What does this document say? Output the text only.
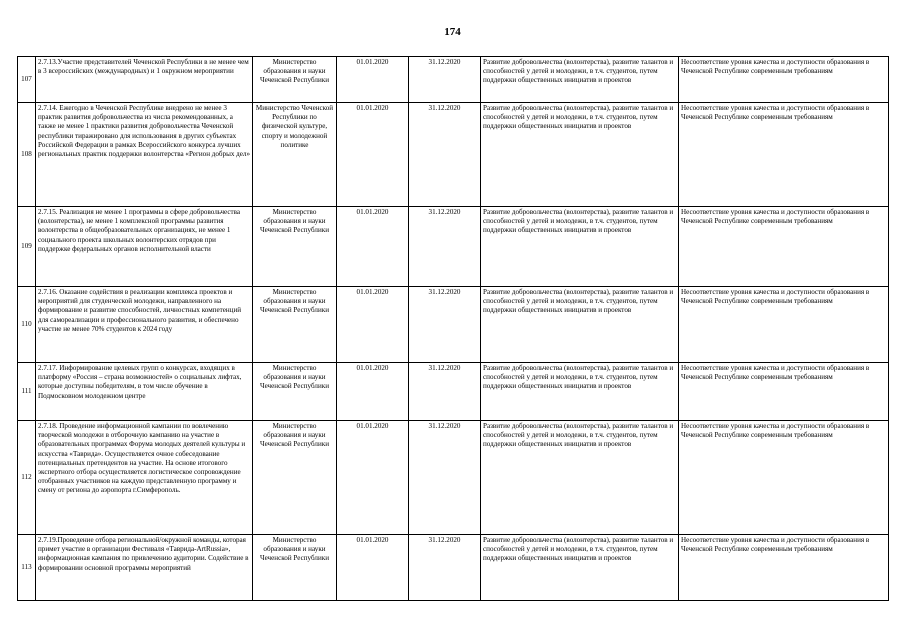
174
107	2.7.13.Участие представителей Чеченской Республики в не менее чем в 3 всероссийских (международных) и 1 окружном мероприятии	Министерство образования и науки Чеченской Республики	01.01.2020	31.12.2020	Развитие добровольчества (волонтерства), развитие талантов и способностей у детей и молодежи, в т.ч. студентов, путем поддержки общественных инициатив и проектов	Несоответствие уровня качества и доступности образования в Чеченской Республике современным требованиям
108	2.7.14. Ежегодно в Чеченской Республике внедрено не менее 3 практик развития добровольчества из числа рекомендованных, а также не менее 1 практики развития добровольчества Чеченской республики тиражировано для использования в других субъектах Российской Федерации в рамках Всероссийского конкурса лучших региональных практик поддержки волонтерства «Регион добрых дел»	Министерство Чеченской Республики по физической культуре, спорту и молодежной политике	01.01.2020	31.12.2020	Развитие добровольчества (волонтерства), развитие талантов и способностей у детей и молодежи, в т.ч. студентов, путем поддержки общественных инициатив и проектов	Несоответствие уровня качества и доступности образования в Чеченской Республике современным требованиям
109	2.7.15. Реализация не менее 1 программы в сфере добровольчества (волонтерства), не менее 1 комплексной программы развития волонтерства в общеобразовательных организациях, не менее 1 социального проекта школьных волонтерских отрядов при поддержке федеральных органов исполнительной власти	Министерство образования и науки Чеченской Республики	01.01.2020	31.12.2020	Развитие добровольчества (волонтерства), развитие талантов и способностей у детей и молодежи, в т.ч. студентов, путем поддержки общественных инициатив и проектов	Несоответствие уровня качества и доступности образования в Чеченской Республике современным требованиям
110	2.7.16. Оказание содействия в реализации комплекса проектов и мероприятий для студенческой молодежи, направленного на формирование и развитие способностей, личностных компетенций для самореализации и профессионального развития, и обеспечено участие не менее 70% студентов к 2024 году	Министерство образования и науки Чеченской Республики	01.01.2020	31.12.2020	Развитие добровольчества (волонтерства), развитие талантов и способностей у детей и молодежи, в т.ч. студентов, путем поддержки общественных инициатив и проектов	Несоответствие уровня качества и доступности образования в Чеченской Республике современным требованиям
111	2.7.17. Информирование целевых групп о конкурсах, входящих в платформу «Россия – страна возможностей» о социальных лифтах, которые доступны победителям, в том числе обучение в Подмосковном молодежном центре	Министерство образования и науки Чеченской Республики	01.01.2020	31.12.2020	Развитие добровольчества (волонтерства), развитие талантов и способностей у детей и молодежи, в т.ч. студентов, путем поддержки общественных инициатив и проектов	Несоответствие уровня качества и доступности образования в Чеченской Республике современным требованиям
112	2.7.18. Проведение информационной кампании по вовлечению творческой молодежи в отборочную кампанию на участие в образовательных программах Форума молодых деятелей культуры и искусства «Таврида». Осуществляется очное собеседование потенциальных претендентов на участие. На основе итогового экспертного отбора осуществляется логистическое сопровождение отобранных участников на каждую представленную программу и смену от региона до аэропорта г.Симферополь.	Министерство образования и науки Чеченской Республики	01.01.2020	31.12.2020	Развитие добровольчества (волонтерства), развитие талантов и способностей у детей и молодежи, в т.ч. студентов, путем поддержки общественных инициатив и проектов	Несоответствие уровня качества и доступности образования в Чеченской Республике современным требованиям
113	2.7.19.Проведение отбора региональной/окружной команды, которая примет участие в организации Фестиваля «Таврида-ArtRussia», информационная кампания по привлечению аудитории. Содействие в формировании основной программы мероприятий	Министерство образования и науки Чеченской Республики	01.01.2020	31.12.2020	Развитие добровольчества (волонтерства), развитие талантов и способностей у детей и молодежи, в т.ч. студентов, путем поддержки общественных инициатив и проектов	Несоответствие уровня качества и доступности образования в Чеченской Республике современным требованиям
